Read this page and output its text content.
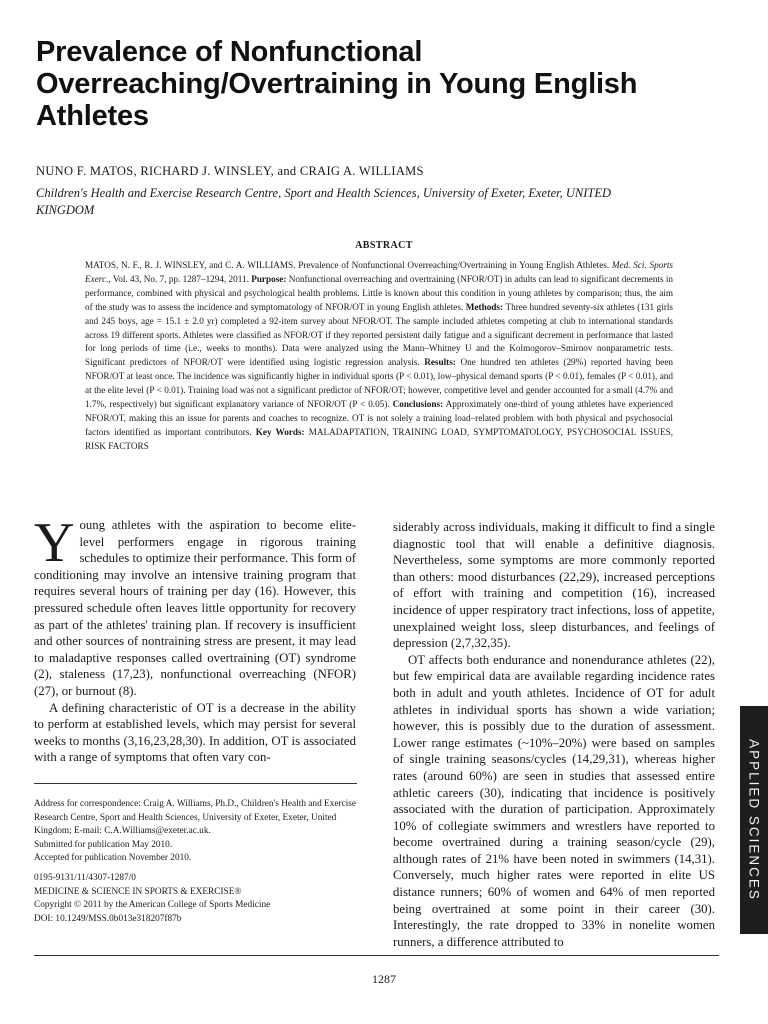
Prevalence of Nonfunctional Overreaching/Overtraining in Young English Athletes
NUNO F. MATOS, RICHARD J. WINSLEY, and CRAIG A. WILLIAMS
Children's Health and Exercise Research Centre, Sport and Health Sciences, University of Exeter, Exeter, UNITED KINGDOM
ABSTRACT
MATOS, N. F., R. J. WINSLEY, and C. A. WILLIAMS. Prevalence of Nonfunctional Overreaching/Overtraining in Young English Athletes. Med. Sci. Sports Exerc., Vol. 43, No. 7, pp. 1287–1294, 2011. Purpose: Nonfunctional overreaching and overtraining (NFOR/OT) in adults can lead to significant decrements in performance, combined with physical and psychological health problems. Little is known about this condition in young athletes by comparison; thus, the aim of the study was to assess the incidence and symptomatology of NFOR/OT in young English athletes. Methods: Three hundred seventy-six athletes (131 girls and 245 boys, age = 15.1 ± 2.0 yr) completed a 92-item survey about NFOR/OT. The sample included athletes competing at club to international standards across 19 different sports. Athletes were classified as NFOR/OT if they reported persistent daily fatigue and a significant decrement in performance that lasted for long periods of time (i.e., weeks to months). Data were analyzed using the Mann–Whitney U and the Kolmogorov–Smirnov nonparametric tests. Significant predictors of NFOR/OT were identified using logistic regression analysis. Results: One hundred ten athletes (29%) reported having been NFOR/OT at least once. The incidence was significantly higher in individual sports (P < 0.01), low–physical demand sports (P < 0.01), females (P < 0.01), and at the elite level (P < 0.01). Training load was not a significant predictor of NFOR/OT; however, competitive level and gender accounted for a small (4.7% and 1.7%, respectively) but significant explanatory variance of NFOR/OT (P < 0.05). Conclusions: Approximately one-third of young athletes have experienced NFOR/OT, making this an issue for parents and coaches to recognize. OT is not solely a training load–related problem with both physical and psychosocial factors identified as important contributors. Key Words: MALADAPTATION, TRAINING LOAD, SYMPTOMATOLOGY, PSYCHOSOCIAL ISSUES, RISK FACTORS

Young athletes with the aspiration to become elite-level performers engage in rigorous training schedules to optimize their performance. This form of conditioning may involve an intensive training program that requires several hours of training per day (16). However, this pressured schedule often leaves little opportunity for recovery as part of the athletes' training plan. If recovery is insufficient and other sources of nontraining stress are present, it may lead to maladaptive responses called overtraining (OT) syndrome (2), staleness (17,23), nonfunctional overreaching (NFOR) (27), or burnout (8).

A defining characteristic of OT is a decrease in the ability to perform at established levels, which may persist for several weeks to months (3,16,23,28,30). In addition, OT is associated with a range of symptoms that often vary con-

siderably across individuals, making it difficult to find a single diagnostic tool that will enable a definitive diagnosis. Nevertheless, some symptoms are more commonly reported than others: mood disturbances (22,29), increased perceptions of effort with training and competition (16), increased incidence of upper respiratory tract infections, loss of appetite, unexplained weight loss, sleep disturbances, and feelings of depression (2,7,32,35).

OT affects both endurance and nonendurance athletes (22), but few empirical data are available regarding incidence rates both in adult and youth athletes. Incidence of OT for adult athletes in individual sports has shown a wide variation; however, this is possibly due to the duration of assessment. Lower range estimates (~10%–20%) were based on samples of single training seasons/cycles (14,29,31), whereas higher rates (around 60%) are seen in studies that assessed entire athletic careers (30), indicating that incidence is positively associated with the duration of participation. Approximately 10% of collegiate swimmers and wrestlers have reported to become overtrained during a training season/cycle (29), although rates of 21% have been noted in swimmers (14,31). Conversely, much higher rates were reported in elite US distance runners; 60% of women and 64% of men reported being overtrained at some point in their career (30). Interestingly, the rate dropped to 33% in nonelite women runners, a difference attributed to

Address for correspondence: Craig A. Williams, Ph.D., Children's Health and Exercise Research Centre, Sport and Health Sciences, University of Exeter, Exeter, United Kingdom; E-mail: C.A.Williams@exeter.ac.uk.
Submitted for publication May 2010.
Accepted for publication November 2010.
0195-9131/11/4307-1287/0
MEDICINE & SCIENCE IN SPORTS & EXERCISE®
Copyright © 2011 by the American College of Sports Medicine
DOI: 10.1249/MSS.0b013e318207f87b
1287
APPLIED SCIENCES
